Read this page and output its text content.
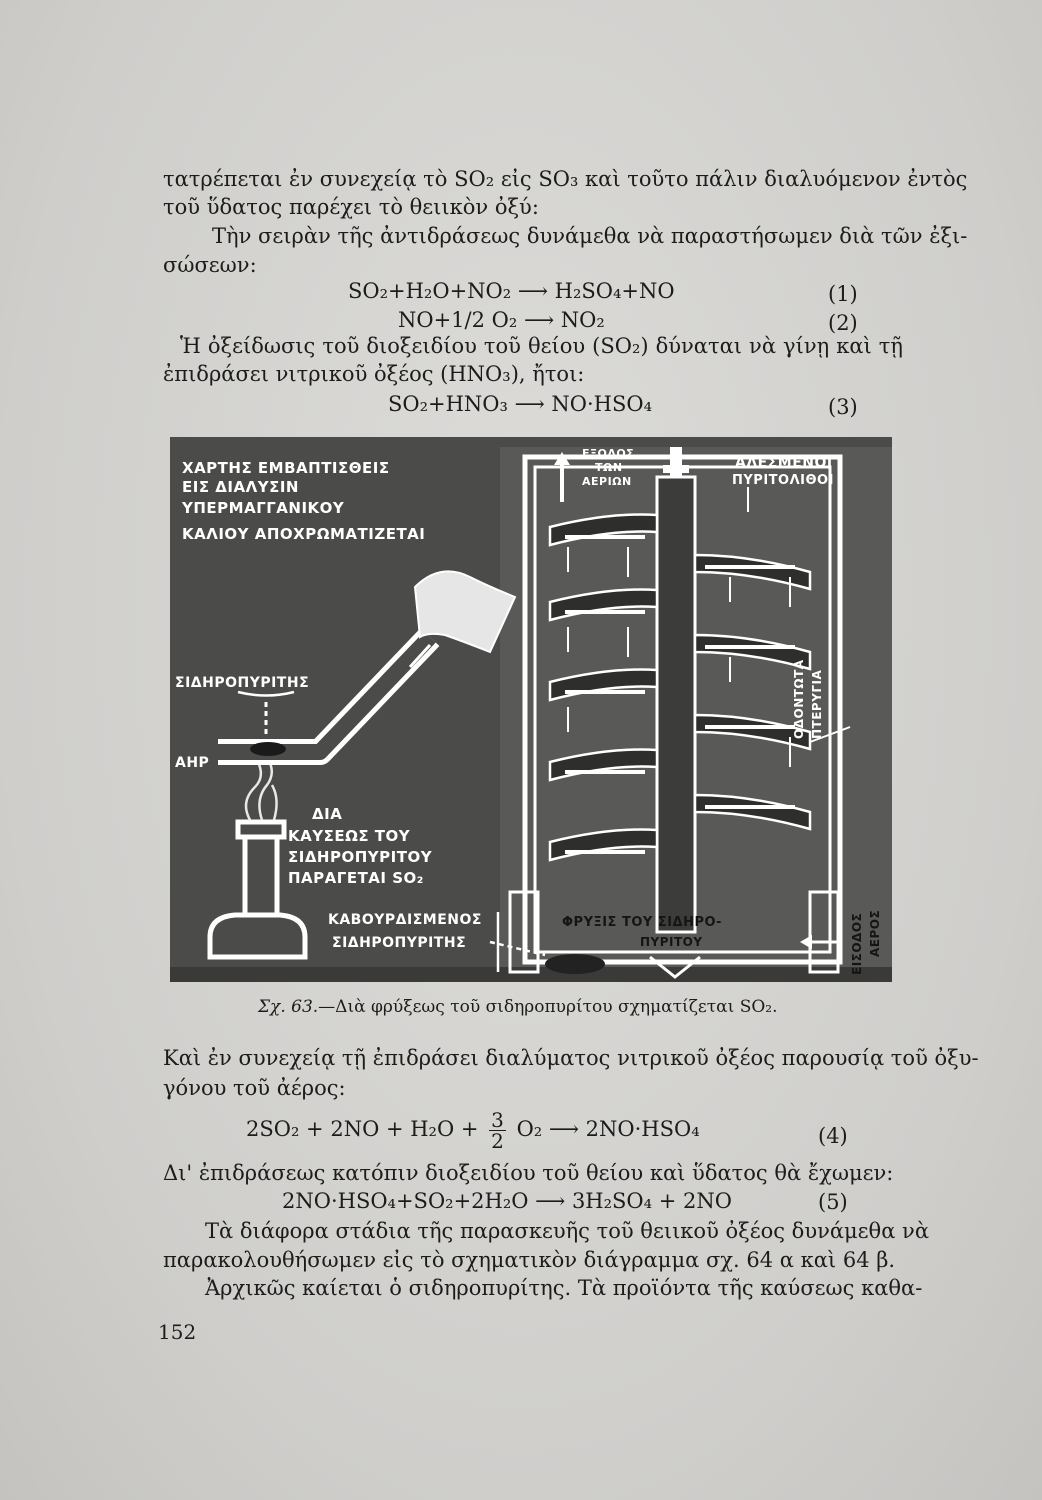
τατρέπεται ἐν συνεχείᾳ τὸ SO₂ εἰς SO₃ καὶ τοῦτο πάλιν διαλυόμενον ἐντὸς
τοῦ ὕδατος παρέχει τὸ θειικὸν ὀξύ:
Τὴν σειρὰν τῆς ἀντιδράσεως δυνάμεθα νὰ παραστήσωμεν διὰ τῶν ἐξι-
σώσεων:
SO₂+H₂O+NO₂ ⟶ H₂SO₄+NO	(1)
NO+1/2 O₂ ⟶ NO₂	(2)
Ἡ ὀξείδωσις τοῦ διοξειδίου τοῦ θείου (SO₂) δύναται νὰ γίνῃ καὶ τῇ
ἐπιδράσει νιτρικοῦ ὀξέος (HNO₃), ἤτοι:
SO₂+HNO₃ ⟶ NO·HSO₄	(3)
ΧΑΡΤΗΣ ΕΜΒΑΠΤΙΣΘΕΙΣ
ΕΙΣ ΔΙΑΛΥΣΙΝ
ΥΠΕΡΜΑΓΓΑΝΙΚΟΥ
ΚΑΛΙΟΥ ΑΠΟΧΡΩΜΑΤΙΖΕΤΑΙ
ΣΙΔΗΡΟΠΥΡΙΤΗΣ
ΑΗΡ
ΔΙΑ
ΚΑΥΣΕΩΣ ΤΟΥ
ΣΙΔΗΡΟΠΥΡΙΤΟΥ
ΠΑΡΑΓΕΤΑΙ SO₂
ΚΑΒΟΥΡΔΙΣΜΕΝΟΣ
ΣΙΔΗΡΟΠΥΡΙΤΗΣ
ΕΞΟΔΟΣ
ΤΩΝ
ΑΕΡΙΩΝ
ΑΛΕΣΜΕΝΟΙ
ΠΥΡΙΤΟΛΙΘΟΙ
ΟΔΟΝΤΩΤΑ ΠΤΕΡΥΓΙΑ
ΦΡΥΞΙΣ ΤΟΥ ΣΙΔΗΡΟ-
ΠΥΡΙΤΟΥ	ΕΙΣΟΔΟΣ ΑΕΡΟΣ
Σχ. 63.—Διὰ φρύξεως τοῦ σιδηροπυρίτου σχηματίζεται SO₂.
Καὶ ἐν συνεχείᾳ τῇ ἐπιδράσει διαλύματος νιτρικοῦ ὀξέος παρουσίᾳ τοῦ ὀξυ-
γόνου τοῦ ἀέρος:
$2SO_2 + 2NO + H_2O + \frac{3}{2} O_2$ ⟶ 2NO·HSO₄	(4)
Δι' ἐπιδράσεως κατόπιν διοξειδίου τοῦ θείου καὶ ὕδατος θὰ ἔχωμεν:
2NO·HSO₄+SO₂+2H₂O ⟶ 3H₂SO₄ + 2NO	(5)
Τὰ διάφορα στάδια τῆς παρασκευῆς τοῦ θειικοῦ ὀξέος δυνάμεθα νὰ
παρακολουθήσωμεν εἰς τὸ σχηματικὸν διάγραμμα σχ. 64 α καὶ 64 β.
Ἀρχικῶς καίεται ὁ σιδηροπυρίτης. Τὰ προϊόντα τῆς καύσεως καθα-
152
